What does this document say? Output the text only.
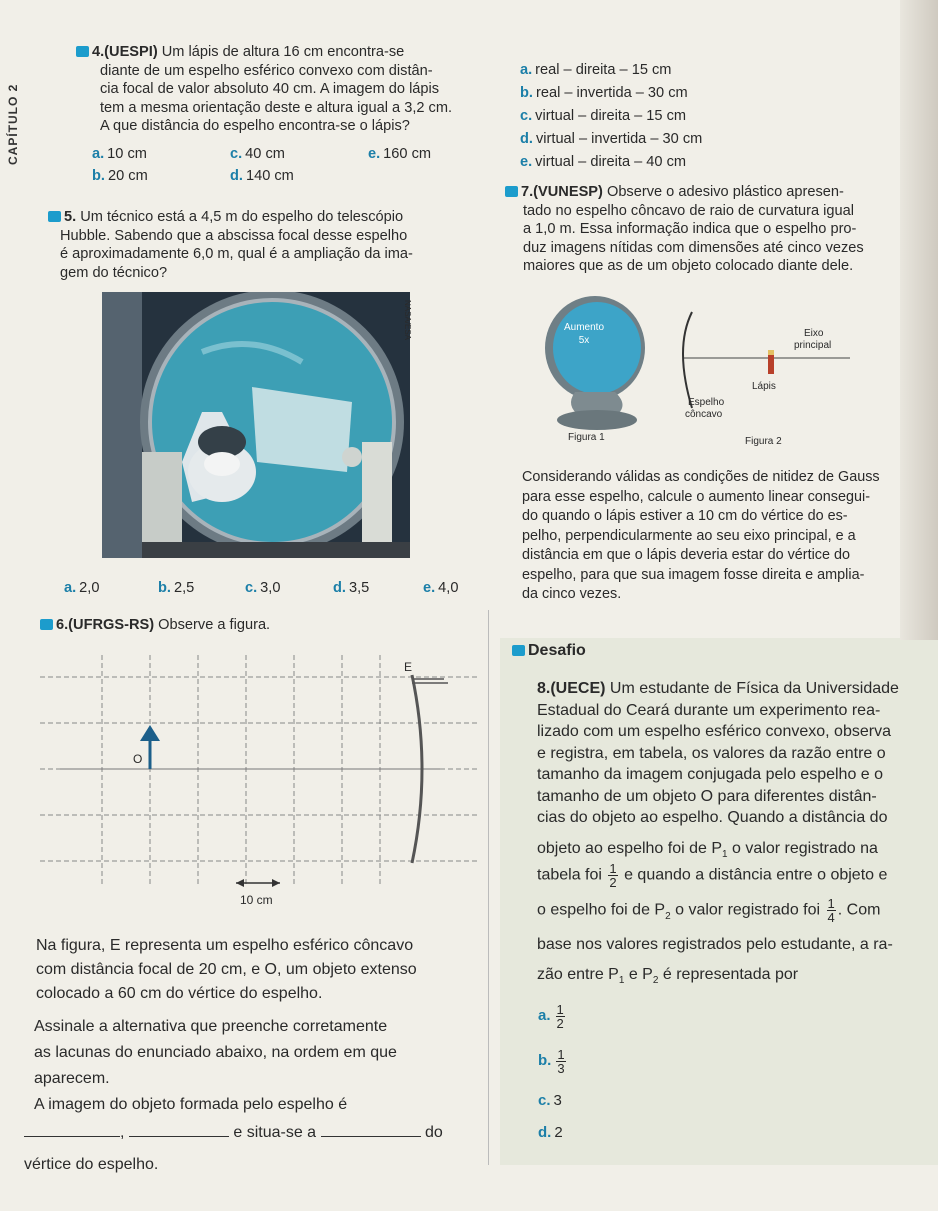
CAPÍTULO 2
4.(UESPI) Um lápis de altura 16 cm encontra-se
diante de um espelho esférico convexo com distân-
cia focal de valor absoluto 40 cm. A imagem do lápis
tem a mesma orientação deste e altura igual a 3,2 cm.
A que distância do espelho encontra-se o lápis?
a. 10 cm
b. 20 cm
c. 40 cm
d. 140 cm
e. 160 cm
a. real – direita – 15 cm
b. real – invertida – 30 cm
c. virtual – direita – 15 cm
d. virtual – invertida – 30 cm
e. virtual – direita – 40 cm
5. Um técnico está a 4,5 m do espelho do telescópio
Hubble. Sabendo que a abscissa focal desse espelho
é aproximadamente 6,0 m, qual é a ampliação da ima-
gem do técnico?
NASA/ESA
a. 2,0	b. 2,5	c. 3,0	d. 3,5	e. 4,0
6.(UFRGS-RS) Observe a figura.
E
O
10 cm
Na figura, E representa um espelho esférico côncavo
com distância focal de 20 cm, e O, um objeto extenso
colocado a 60 cm do vértice do espelho.
Assinale a alternativa que preenche corretamente
as lacunas do enunciado abaixo, na ordem em que
aparecem.
A imagem do objeto formada pelo espelho é
,	e situa-se a	do
vértice do espelho.
7.(VUNESP) Observe o adesivo plástico apresen-
tado no espelho côncavo de raio de curvatura igual
a 1,0 m. Essa informação indica que o espelho pro-
duz imagens nítidas com dimensões até cinco vezes
maiores que as de um objeto colocado diante dele.
Aumento
5x
Figura 1
Eixo
principal
Lápis
Espelho
côncavo
Figura 2
Considerando válidas as condições de nitidez de Gauss
para esse espelho, calcule o aumento linear consegui-
do quando o lápis estiver a 10 cm do vértice do es-
pelho, perpendicularmente ao seu eixo principal, e a
distância em que o lápis deveria estar do vértice do
espelho, para que sua imagem fosse direita e amplia-
da cinco vezes.
Desafio
8.(UECE) Um estudante de Física da Universidade
Estadual do Ceará durante um experimento rea-
lizado com um espelho esférico convexo, observa
e registra, em tabela, os valores da razão entre o
tamanho da imagem conjugada pelo espelho e o
tamanho de um objeto O para diferentes distân-
cias do objeto ao espelho. Quando a distância do
objeto ao espelho foi de $P_1$ o valor registrado na
tabela foi $\frac{1}{2}$ e quando a distância entre o objeto e
o espelho foi de $P_2$ o valor registrado foi $\frac{1}{4}$ . Com
base nos valores registrados pelo estudante, a ra-
zão entre $P_1$ e $P_2$ é representada por
a. $\frac{1}{2}$
b. $\frac{1}{3}$
c. 3
d. 2
